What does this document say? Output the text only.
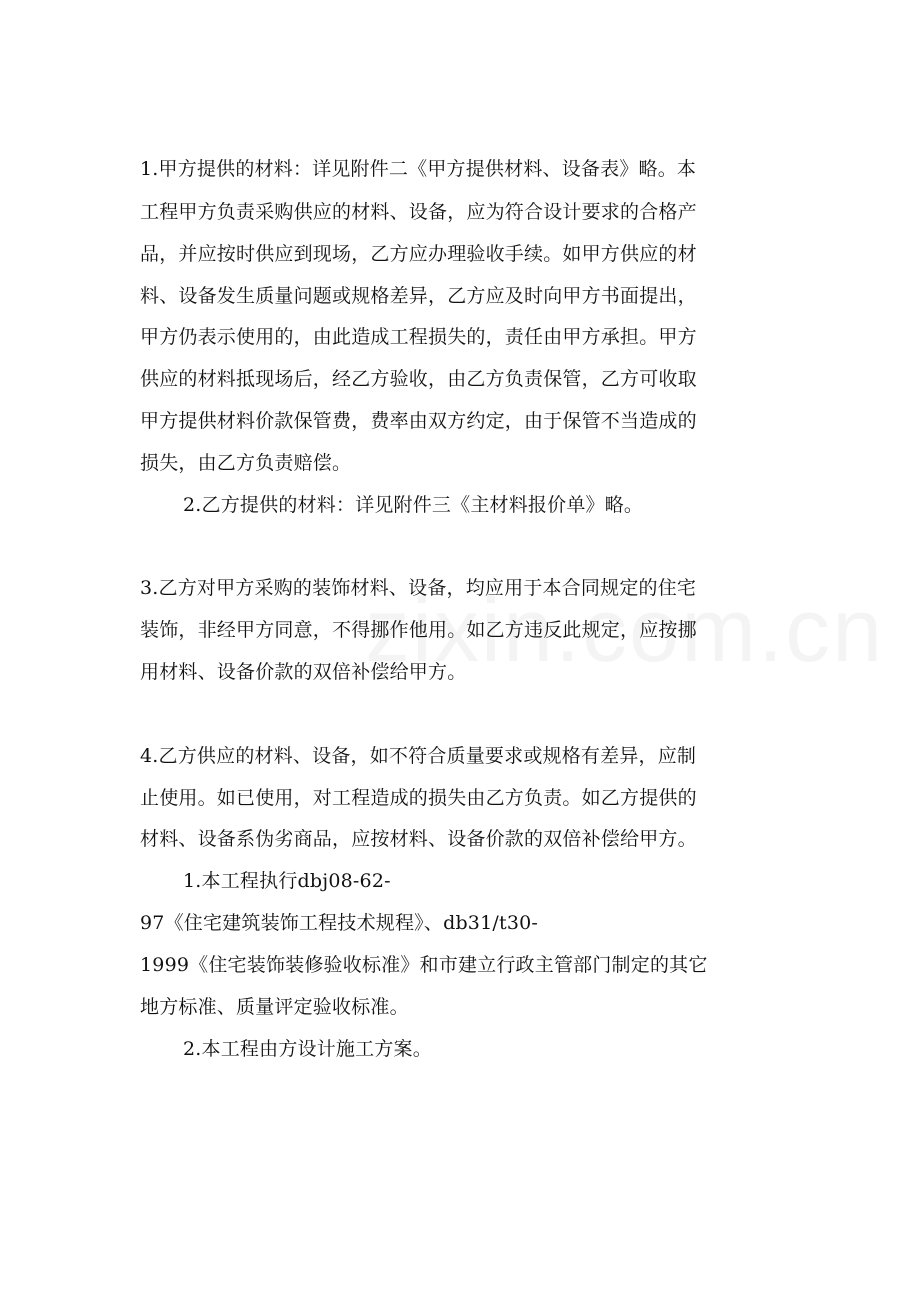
1.甲方提供的材料：详见附件二《甲方提供材料、设备表》略。本
工程甲方负责采购供应的材料、设备，应为符合设计要求的合格产
品，并应按时供应到现场，乙方应办理验收手续。如甲方供应的材
料、设备发生质量问题或规格差异，乙方应及时向甲方书面提出，
甲方仍表示使用的，由此造成工程损失的，责任由甲方承担。甲方
供应的材料抵现场后，经乙方验收，由乙方负责保管，乙方可收取
甲方提供材料价款保管费，费率由双方约定，由于保管不当造成的
损失，由乙方负责赔偿。
2.乙方提供的材料：详见附件三《主材料报价单》略。
3.乙方对甲方采购的装饰材料、设备，均应用于本合同规定的住宅
装饰，非经甲方同意，不得挪作他用。如乙方违反此规定，应按挪
用材料、设备价款的双倍补偿给甲方。
4.乙方供应的材料、设备，如不符合质量要求或规格有差异，应制
止使用。如已使用，对工程造成的损失由乙方负责。如乙方提供的
材料、设备系伪劣商品，应按材料、设备价款的双倍补偿给甲方。
1.本工程执行dbj08-62-
97《住宅建筑装饰工程技术规程》、db31/t30-
1999《住宅装饰装修验收标准》和市建立行政主管部门制定的其它
地方标准、质量评定验收标准。
2.本工程由方设计施工方案。
